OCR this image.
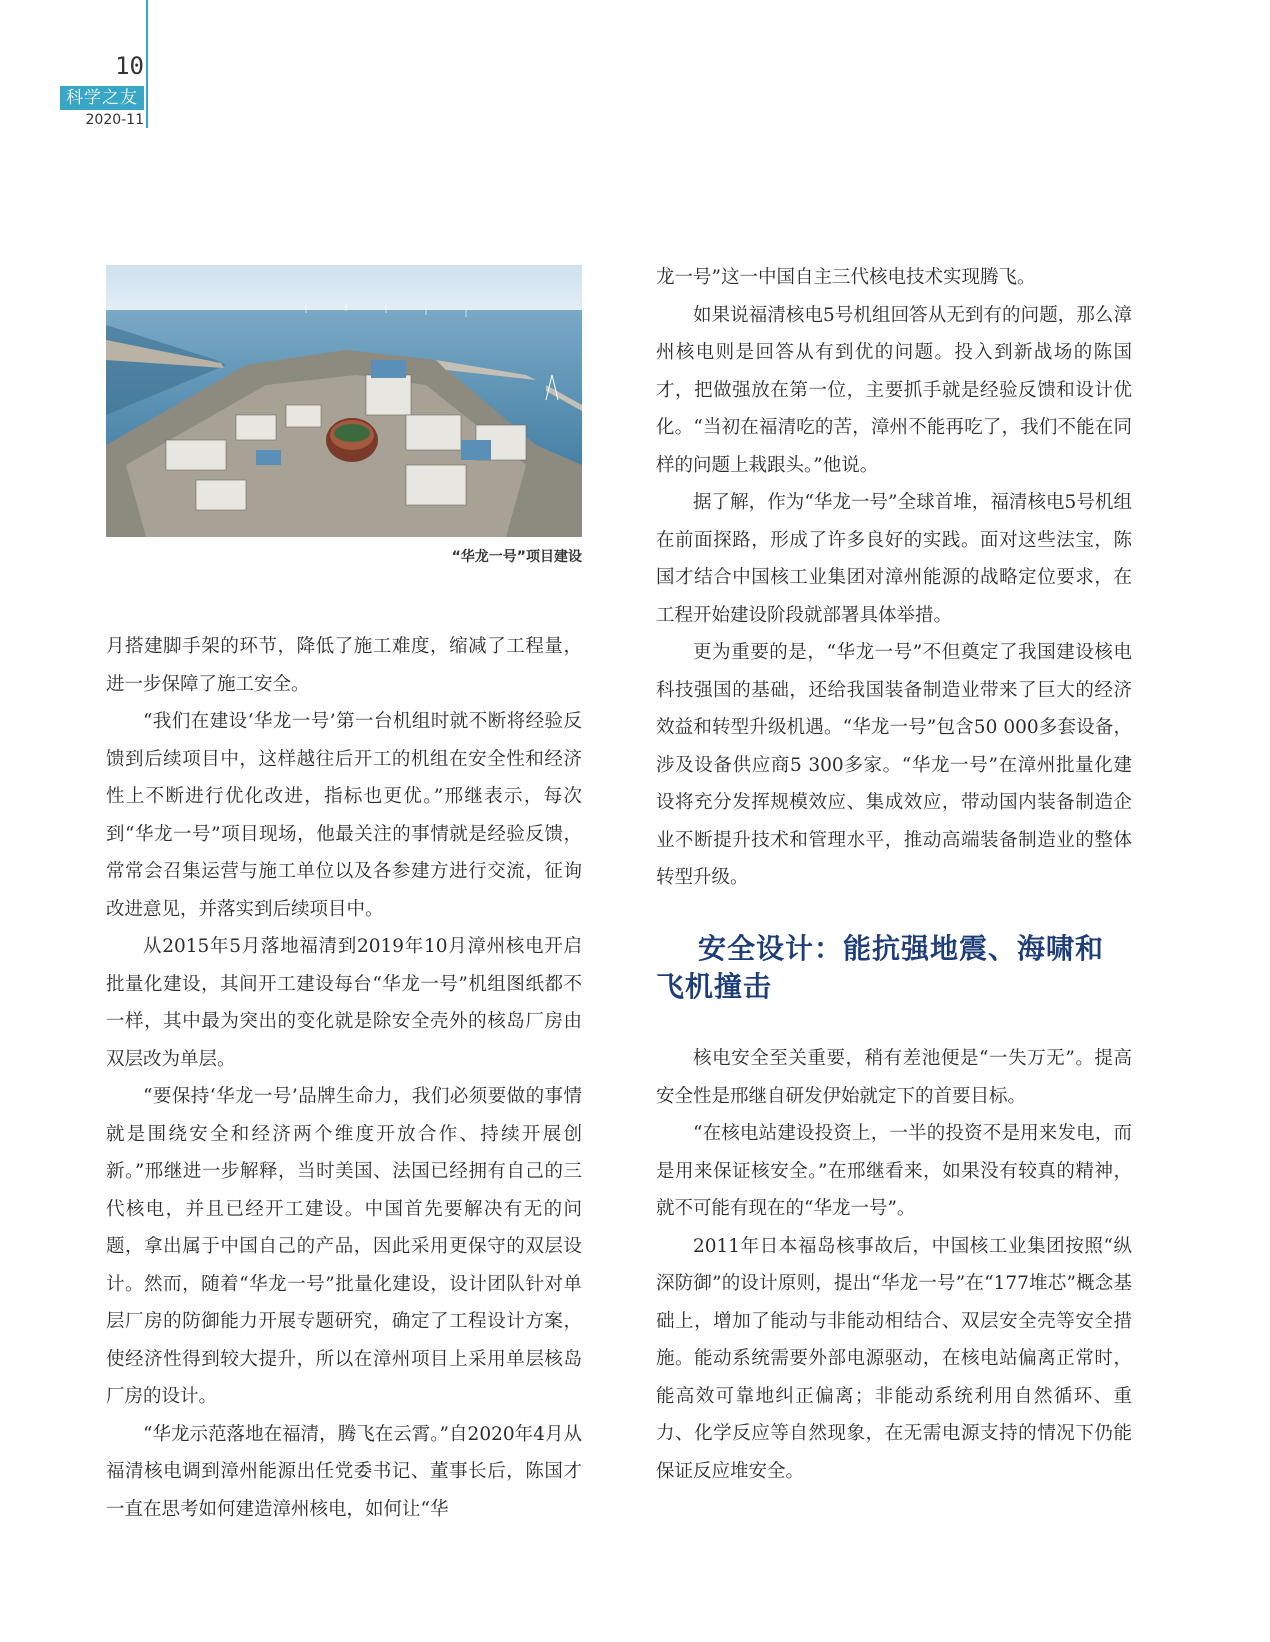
10
科学之友
2020-11
“华龙一号”项目建设

月搭建脚手架的环节，降低了施工难度，缩减了工程量，进一步保障了施工安全。

“我们在建设‘华龙一号’第一台机组时就不断将经验反馈到后续项目中，这样越往后开工的机组在安全性和经济性上不断进行优化改进，指标也更优。”邢继表示，每次到“华龙一号”项目现场，他最关注的事情就是经验反馈，常常会召集运营与施工单位以及各参建方进行交流，征询改进意见，并落实到后续项目中。

从2015年5月落地福清到2019年10月漳州核电开启批量化建设，其间开工建设每台“华龙一号”机组图纸都不一样，其中最为突出的变化就是除安全壳外的核岛厂房由双层改为单层。

“要保持‘华龙一号’品牌生命力，我们必须要做的事情就是围绕安全和经济两个维度开放合作、持续开展创新。”邢继进一步解释，当时美国、法国已经拥有自己的三代核电，并且已经开工建设。中国首先要解决有无的问题，拿出属于中国自己的产品，因此采用更保守的双层设计。然而，随着“华龙一号”批量化建设，设计团队针对单层厂房的防御能力开展专题研究，确定了工程设计方案，使经济性得到较大提升，所以在漳州项目上采用单层核岛厂房的设计。

“华龙示范落地在福清，腾飞在云霄。”自2020年4月从福清核电调到漳州能源出任党委书记、董事长后，陈国才一直在思考如何建造漳州核电，如何让“华

龙一号”这一中国自主三代核电技术实现腾飞。

如果说福清核电5号机组回答从无到有的问题，那么漳州核电则是回答从有到优的问题。投入到新战场的陈国才，把做强放在第一位，主要抓手就是经验反馈和设计优化。“当初在福清吃的苦，漳州不能再吃了，我们不能在同样的问题上栽跟头。”他说。

据了解，作为“华龙一号”全球首堆，福清核电5号机组在前面探路，形成了许多良好的实践。面对这些法宝，陈国才结合中国核工业集团对漳州能源的战略定位要求，在工程开始建设阶段就部署具体举措。

更为重要的是，“华龙一号”不但奠定了我国建设核电科技强国的基础，还给我国装备制造业带来了巨大的经济效益和转型升级机遇。“华龙一号”包含50 000多套设备，涉及设备供应商5 300多家。“华龙一号”在漳州批量化建设将充分发挥规模效应、集成效应，带动国内装备制造企业不断提升技术和管理水平，推动高端装备制造业的整体转型升级。

安全设计：能抗强地震、海啸和飞机撞击

核电安全至关重要，稍有差池便是“一失万无”。提高安全性是邢继自研发伊始就定下的首要目标。

“在核电站建设投资上，一半的投资不是用来发电，而是用来保证核安全。”在邢继看来，如果没有较真的精神，就不可能有现在的“华龙一号”。

2011年日本福岛核事故后，中国核工业集团按照“纵深防御”的设计原则，提出“华龙一号”在“177堆芯”概念基础上，增加了能动与非能动相结合、双层安全壳等安全措施。能动系统需要外部电源驱动，在核电站偏离正常时，能高效可靠地纠正偏离；非能动系统利用自然循环、重力、化学反应等自然现象，在无需电源支持的情况下仍能保证反应堆安全。
